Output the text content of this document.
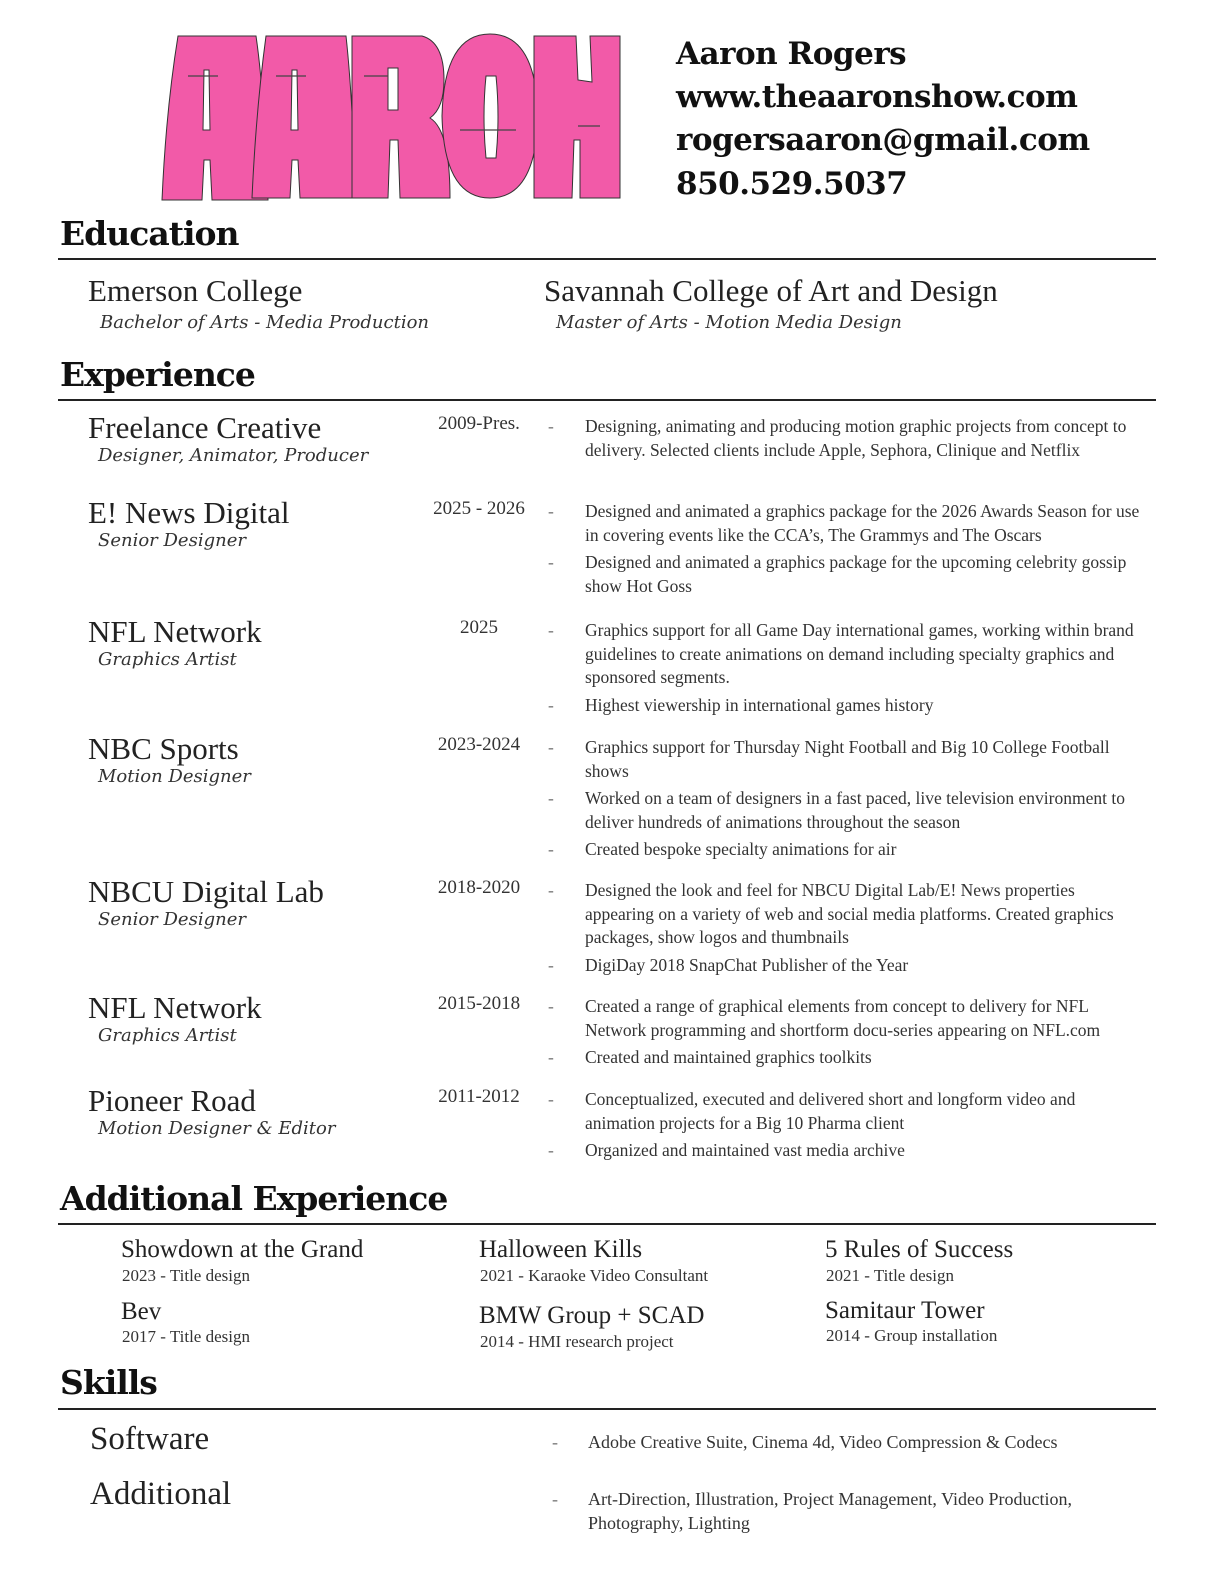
Aaron Rogers
www.theaaronshow.com
rogersaaron@gmail.com
850.529.5037
Education
Emerson College
Bachelor of Arts - Media Production
Savannah College of Art and Design
Master of Arts - Motion Media Design
Experience
Freelance Creative
Designer, Animator, Producer
2009-Pres.	- Designing, animating and producing motion graphic projects from concept to delivery. Selected clients include Apple, Sephora, Clinique and Netflix
E! News Digital
Senior Designer
2025 - 2026	- Designed and animated a graphics package for the 2026 Awards Season for use in covering events like the CCA’s, The Grammys and The Oscars
- Designed and animated a graphics package for the upcoming celebrity gossip show Hot Goss
NFL Network
Graphics Artist
2025	- Graphics support for all Game Day international games, working within brand guidelines to create animations on demand including specialty graphics and sponsored segments.
- Highest viewership in international games history
NBC Sports
Motion Designer
2023-2024	- Graphics support for Thursday Night Football and Big 10 College Football shows
- Worked on a team of designers in a fast paced, live television environment to deliver hundreds of animations throughout the season
- Created bespoke specialty animations for air
NBCU Digital Lab
Senior Designer
2018-2020	- Designed the look and feel for NBCU Digital Lab/E! News properties appearing on a variety of web and social media platforms. Created graphics packages, show logos and thumbnails
- DigiDay 2018 SnapChat Publisher of the Year
NFL Network
Graphics Artist
2015-2018	- Created a range of graphical elements from concept to delivery for NFL Network programming and shortform docu-series appearing on NFL.com
- Created and maintained graphics toolkits
Pioneer Road
Motion Designer & Editor
2011-2012	- Conceptualized, executed and delivered short and longform video and animation projects for a Big 10 Pharma client
- Organized and maintained vast media archive
Additional Experience
Showdown at the Grand
2023 - Title design
Halloween Kills
2021 - Karaoke Video Consultant
5 Rules of Success
2021 - Title design
Bev
2017 - Title design
BMW Group + SCAD
2014 - HMI research project
Samitaur Tower
2014 - Group installation
Skills
Software	- Adobe Creative Suite, Cinema 4d, Video Compression & Codecs
Additional	- Art-Direction, Illustration, Project Management, Video Production, Photography, Lighting
